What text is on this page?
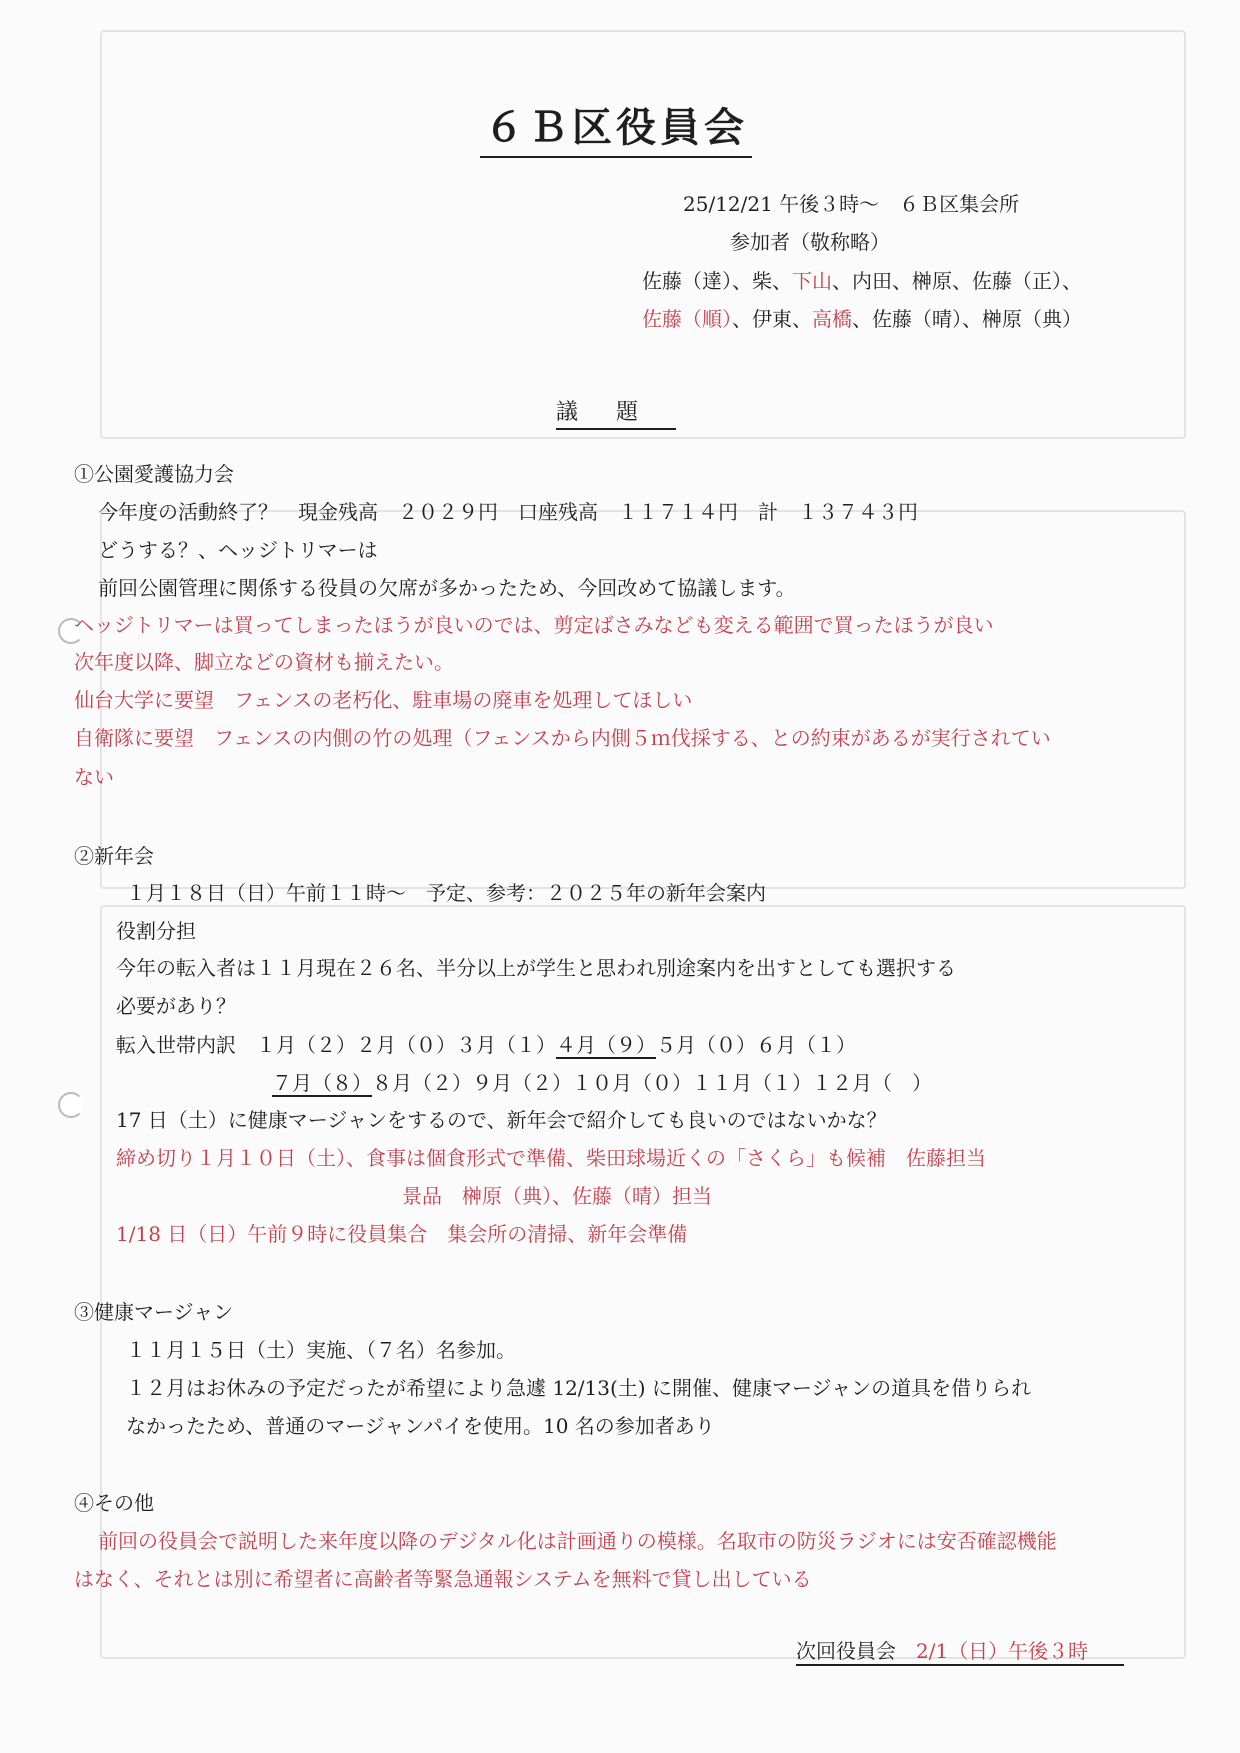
６Ｂ区役員会
25/12/21 午後３時～　６Ｂ区集会所
参加者（敬称略）
佐藤（達）、柴、下山、内田、榊原、佐藤（正）、
佐藤（順）、伊東、高橋、佐藤（晴）、榊原（典）
議題
①公園愛護協力会
今年度の活動終了？　現金残高　２０２９円　口座残高　１１７１４円　計　１３７４３円
どうする？、ヘッジトリマーは
前回公園管理に関係する役員の欠席が多かったため、今回改めて協議します。
ヘッジトリマーは買ってしまったほうが良いのでは、剪定ばさみなども変える範囲で買ったほうが良い
次年度以降、脚立などの資材も揃えたい。
仙台大学に要望　フェンスの老朽化、駐車場の廃車を処理してほしい
自衛隊に要望　フェンスの内側の竹の処理（フェンスから内側５ｍ伐採する、との約束があるが実行されてい
ない
②新年会
１月１８日（日）午前１１時～　予定、参考：２０２５年の新年会案内
役割分担
今年の転入者は１１月現在２６名、半分以上が学生と思われ別途案内を出すとしても選択する
必要があり？
転入世帯内訳　 １月（２）２月（０）３月（１）４月（９）５月（０）６月（１）
７月（８）８月（２）９月（２）１０月（０）１１月（１）１２月（　）
17 日（土）に健康マージャンをするので、新年会で紹介しても良いのではないかな？
締め切り１月１０日（土）、食事は個食形式で準備、柴田球場近くの「さくら」も候補　佐藤担当
景品　榊原（典）、佐藤（晴）担当
1/18 日（日）午前９時に役員集合　集会所の清掃、新年会準備
③健康マージャン
１１月１５日（土）実施、（７名）名参加。
１２月はお休みの予定だったが希望により急遽 12/13(土) に開催、健康マージャンの道具を借りられ
なかったため、普通のマージャンパイを使用。10 名の参加者あり
④その他
前回の役員会で説明した来年度以降のデジタル化は計画通りの模様。名取市の防災ラジオには安否確認機能
はなく、それとは別に希望者に高齢者等緊急通報システムを無料で貸し出している
次回役員会　 2/1（日）午後３時
